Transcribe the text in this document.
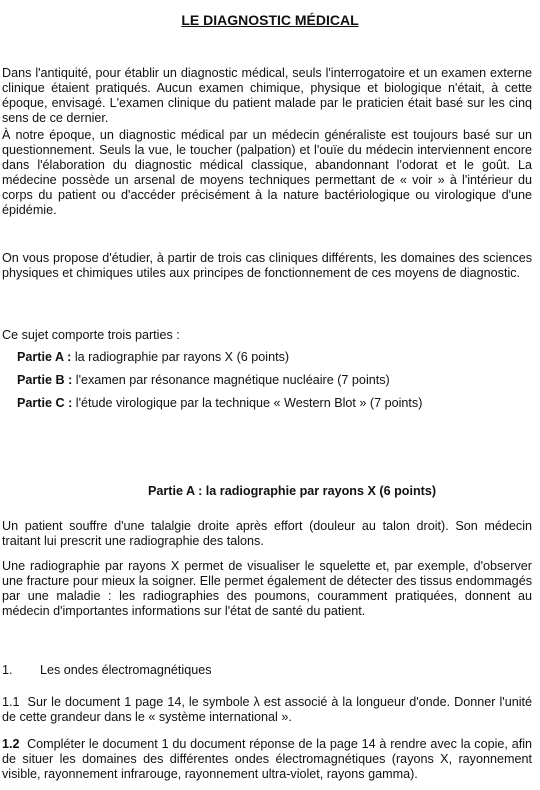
LE DIAGNOSTIC MÉDICAL

Dans l'antiquité, pour établir un diagnostic médical, seuls l'interrogatoire et un examen externe clinique étaient pratiqués. Aucun examen chimique, physique et biologique n'était, à cette époque, envisagé. L'examen clinique du patient malade par le praticien était basé sur les cinq sens de ce dernier.

À notre époque, un diagnostic médical par un médecin généraliste est toujours basé sur un questionnement. Seuls la vue, le toucher (palpation) et l'ouïe du médecin interviennent encore dans l'élaboration du diagnostic médical classique, abandonnant l'odorat et le goût. La médecine possède un arsenal de moyens techniques permettant de « voir » à l'intérieur du corps du patient ou d'accéder précisément à la nature bactériologique ou virologique d'une épidémie.

On vous propose d'étudier, à partir de trois cas cliniques différents, les domaines des sciences physiques et chimiques utiles aux principes de fonctionnement de ces moyens de diagnostic.

Ce sujet comporte trois parties :

Partie A : la radiographie par rayons X (6 points)

Partie B : l'examen par résonance magnétique nucléaire (7 points)

Partie C : l'étude virologique par la technique « Western Blot » (7 points)

Partie A : la radiographie par rayons X (6 points)

Un patient souffre d'une talalgie droite après effort (douleur au talon droit). Son médecin traitant lui prescrit une radiographie des talons.

Une radiographie par rayons X permet de visualiser le squelette et, par exemple, d'observer une fracture pour mieux la soigner. Elle permet également de détecter des tissus endommagés par une maladie : les radiographies des poumons, couramment pratiquées, donnent au médecin d'importantes informations sur l'état de santé du patient.

1. Les ondes électromagnétiques

1.1 Sur le document 1 page 14, le symbole λ est associé à la longueur d'onde. Donner l'unité de cette grandeur dans le « système international ».

1.2 Compléter le document 1 du document réponse de la page 14 à rendre avec la copie, afin de situer les domaines des différentes ondes électromagnétiques (rayons X, rayonnement visible, rayonnement infrarouge, rayonnement ultra-violet, rayons gamma).
